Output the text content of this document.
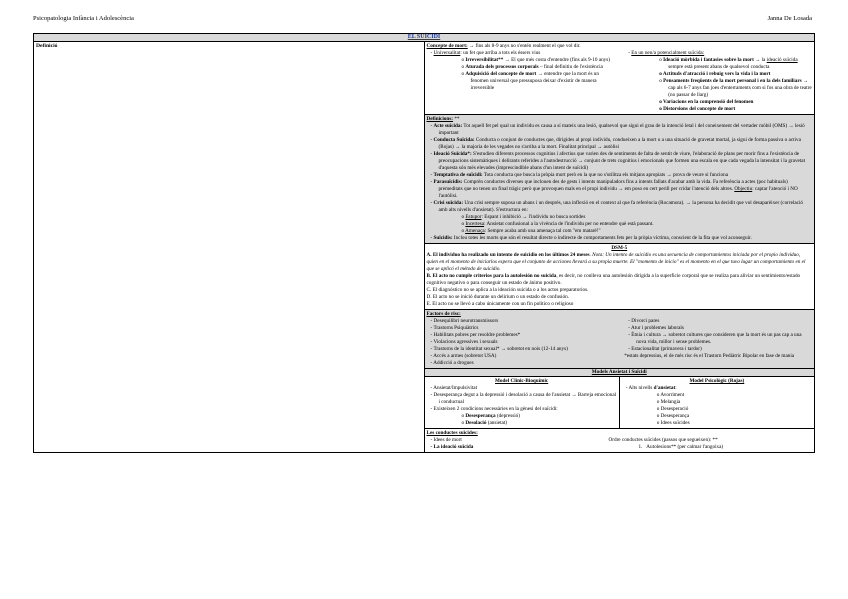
Psicopatologia Infància i Adolescència	Janna De Losada
EL SUÏCIDI
Definició	Concepte de mort: → fins als 8-9 anys no s'entén realment el que vol dir.
- Universalitat: un fet que arriba a tots els éssers vius
o Irreversibilitat** → El que més costa d'entendre (fins als 9-10 anys)
o Aturada dels processos corporals – final definitiu de l'existència
o Adquisició del concepte de mort → entendre que la mort és un fenomen universal que pressuposa deixar d'existir de manera irreversible
- En un nen/a potencialment suïcida:
o Ideació mòrbida i fantasies sobre la mort → la ideació suïcida sempre està present abans de qualsevol conducta
o Actituds d'atracció i rebuig vers la vida i la mort
o Pensaments freqüents de la mort personal i en la dels familiars → cap als 6-7 anys fan joes d'enterraments com si fos una obra de teatre (no passar de llarg)
o Variacions en la comprensió del fenomen
o Distorsions del concepte de mort

Definicions: **
- Acte suïcida: Tot aquell fet pel qual un individu es causa a sí mateix una lesió, qualsevol que sigui el grau de la intenció letal i del coneixement del vertader mòbil (OMS) → lesió important
- Conducta Suïcida: Conducta o conjunt de conductes que, dirigides al propi individu, condueixen a la mort o a una situació de gravetat mortal, ja sigui de forma passiva o activa (Rojas) → la majoria de les vegades no s'arriba a la mort. Finalitat principal → autòlisi
- Ideació Suïcida*: S'estudien diferents processos cognitius i afectius que varien des de sentiments de falta de sentit de viure, l'elaboració de plans per morir fins a l'existència de preocupacions sistemàtiques i delirants referides a l'autodestrucció → conjunt de trets cognitius i emocionals que formen una escala en que cada vegada la intensitat i la gravetat d'aquesta són més elevades (imprescindible abans d'un intent de suïcidi)
- Temptativa de suïcidi: Tota conducta que busca la pròpia mort però en la que no s'utilitza els mitjans apropiats → prova de veure si funciona
- Parasuïcidis: Comprèn conductes diverses que inclouen des de gests i intents manipuladors fins a intents fallats d'acabar amb la vida. Fa referència a actes (poc habituals) premeditats que no tenen un final tràgic però que provoquen mals en el propi individu → em poso en cert perill per cridar l'atenció dels altres. Objectiu: captar l'atenció i NO l'autòlisi.
- Crisi suïcida: Una crisi sempre suposa un abans i un després, una inflexió en el context al que fa referència (Rocamora). → la persona ha decidit que vol desaparèixer (correlació amb alts nivells d'ansietat). S'estructura en:
o Estupor: Espant i inhibició → l'individu no busca sortides
o Incertesa: Ansietat confusional a la vivència de l'individu per no entendre què està passant.
o Amenaça: Sempre acaba amb una amenaça tal com "em mataré!"
- Suïcidis: Inclou totes les morts que són el resultat directe o indirecte de comportaments fets per la pròpia víctima, conscient de la fita que vol aconseguir.

DSM-5
A. El individuo ha realizado un intento de suicidio en los últimos 24 meses. Nota: Un intento de suicidio es una secuencia de comportamientos iniciada por el propio individuo, quien en el momento de iniciarlos espera que el conjunto de acciones llevará a su propia muerte. El "momento de inicio" es el momento en el que tuvo lugar un comportamiento en el que se aplicó el método de suicidio.
B. El acto no cumple criterios para la autolesión no suicida, es decir, no conlleva una autolesión dirigida a la superficie corporal que se realiza para aliviar un sentimiento/estado cognitivo negativo o para conseguir un estado de ánimo positivo.
C. El diagnóstico no se aplica a la ideación suicida o a los actos preparatorios.
D. El acto no se inició durante un delirium o un estado de confusión.
E. El acto no se llevó a cabo únicamente con un fin político o religioso

Factors de risc:
- Desequilibri neurotransmissors
- Trastorns Psiquiàtrics
- Habilitats pobres per resoldre problemes*
- Violacions agressives i sexuals
- Trastorns de la identitat sexual* → sobretot en nois (12-14 anys)
- Accés a armes (sobretot USA)
- Addicció a drogues
- Divorci pares
- Atur i problemes laborals
- Ètnia i cultura → sobretot cultures que consideren que la mort és un pas cap a una nova vida, millor i sense problemes.
- Estacionalitat (primavera i tardor)
*estats depressius, el de més risc és el Trastorn Pediàtric Bipolar en fase de mania

Models Ansietat i Suïcidi
Model Clínic-Bioquímic
- Ansietat/Impulsivitat
- Desesperança degut a la depressió i desolació a causa de l'ansietat → Barreja emocional i conductual
- Existeixen 2 condicions necessàries en la gènesi del suïcidi:
o Desesperança (depressió)
o Desolació (ansietat)
Model Psicològic (Rojas)
- Alts nivells d'ansietat:
o Avorriment
o Melangia
o Desesperació
o Desesperança
o Idees suïcides

Les conductes suïcides:
- Idees de mort	Ordre conductes suïcides (passos que segueixen): **
- La ideació suïcida	1. Autolesions** (per calmar l'angoixa)
